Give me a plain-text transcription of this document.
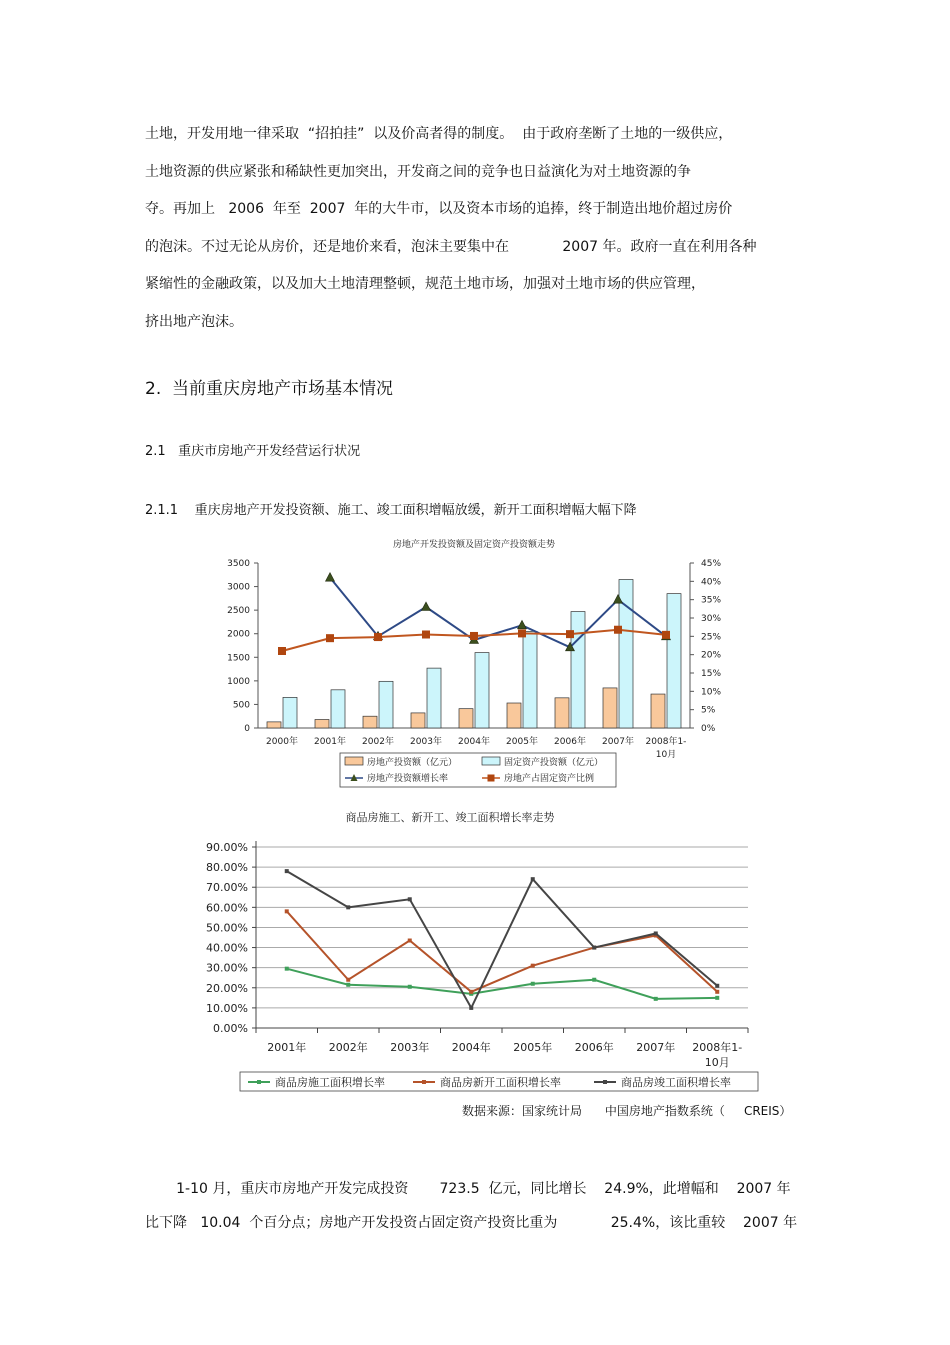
土地，开发用地一律采取  “招拍挂”  以及价高者得的制度。  由于政府垄断了土地的一级供应，
土地资源的供应紧张和稀缺性更加突出，开发商之间的竞争也日益演化为对土地资源的争
夺。再加上   2006  年至  2007  年的大牛市，以及资本市场的追捧，终于制造出地价超过房价
的泡沫。不过无论从房价，还是地价来看，泡沫主要集中在            2007 年。政府一直在利用各种
紧缩性的金融政策，以及加大土地清理整顿，规范土地市场，加强对土地市场的供应管理，
挤出地产泡沫。
2.  当前重庆房地产市场基本情况
2.1   重庆市房地产开发经营运行状况
2.1.1    重庆房地产开发投资额、施工、竣工面积增幅放缓，新开工面积增幅大幅下降
房地产开发投资额及固定资产投资额走势
0
500
1000
1500
2000
2500
3000
3500
0%
5%
10%
15%
20%
25%
30%
35%
40%
45%
2000年 2001年 2002年 2003年 2004年 2005年 2006年 2007年 2008年1-
10月
房地产投资额（亿元）	固定资产投资额（亿元）
房地产投资额增长率	房地产占固定资产比例
商品房施工、新开工、竣工面积增长率走势
0.00%
10.00%
20.00%
30.00%
40.00%
50.00%
60.00%
70.00%
80.00%
90.00%
2001年 2002年 2003年 2004年 2005年 2006年 2007年 2008年1-
10月
商品房施工面积增长率	商品房新开工面积增长率	商品房竣工面积增长率
数据来源：国家统计局      中国房地产指数系统（     CREIS）
1-10 月，重庆市房地产开发完成投资       723.5  亿元，同比增长    24.9%，此增幅和    2007 年
比下降   10.04  个百分点；房地产开发投资占固定资产投资比重为            25.4%，该比重较    2007 年
